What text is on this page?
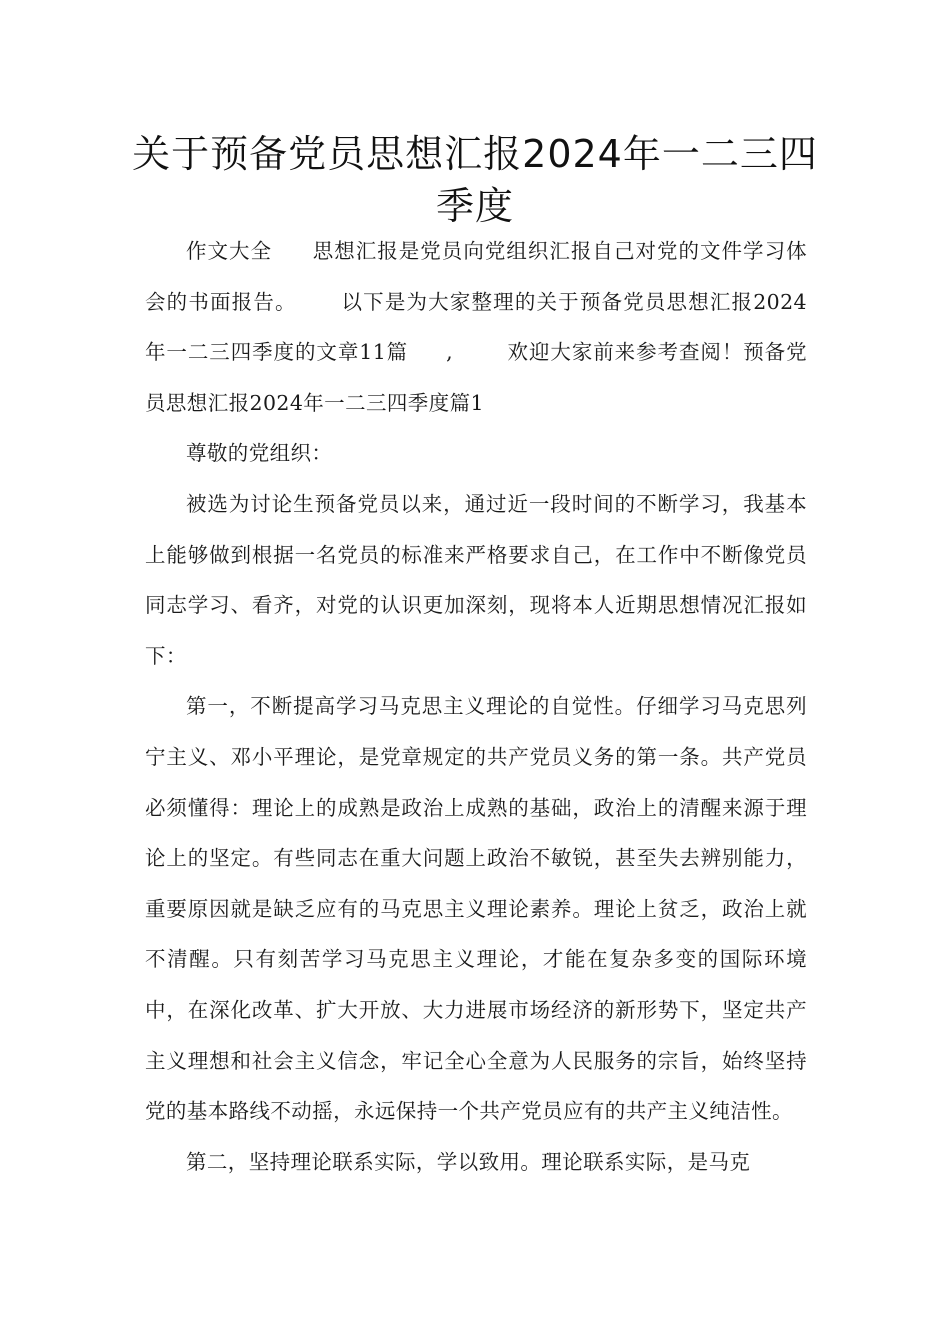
关于预备党员思想汇报2024年一二三四季度

作文大全 思想汇报是党员向党组织汇报自己对党的文件学习体会的书面报告。 以下是为大家整理的关于预备党员思想汇报2024年一二三四季度的文章11篇 ,	欢迎大家前来参考查阅！预备党员思想汇报2024年一二三四季度篇1

尊敬的党组织：

被选为讨论生预备党员以来，通过近一段时间的不断学习，我基本上能够做到根据一名党员的标准来严格要求自己，在工作中不断像党员同志学习、看齐，对党的认识更加深刻，现将本人近期思想情况汇报如下：

第一，不断提高学习马克思主义理论的自觉性。仔细学习马克思列宁主义、邓小平理论，是党章规定的共产党员义务的第一条。共产党员必须懂得：理论上的成熟是政治上成熟的基础，政治上的清醒来源于理论上的坚定。有些同志在重大问题上政治不敏锐，甚至失去辨别能力，重要原因就是缺乏应有的马克思主义理论素养。理论上贫乏，政治上就不清醒。只有刻苦学习马克思主义理论，才能在复杂多变的国际环境中，在深化改革、扩大开放、大力进展市场经济的新形势下，坚定共产主义理想和社会主义信念，牢记全心全意为人民服务的宗旨，始终坚持党的基本路线不动摇，永远保持一个共产党员应有的共产主义纯洁性。

第二，坚持理论联系实际，学以致用。理论联系实际，是马克
